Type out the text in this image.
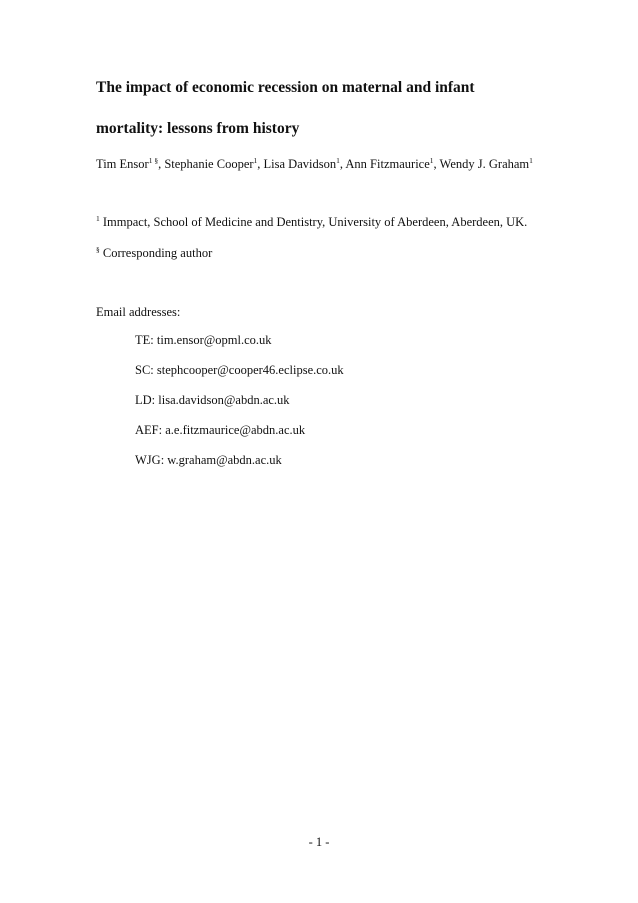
The impact of economic recession on maternal and infant
mortality: lessons from history
Tim Ensor$^{1 \S}$, Stephanie Cooper$^1$, Lisa Davidson$^1$, Ann Fitzmaurice$^1$, Wendy J. Graham$^1$
$^1$ Immpact, School of Medicine and Dentistry, University of Aberdeen, Aberdeen, UK.
§ Corresponding author
Email addresses:
TE: tim.ensor@opml.co.uk
SC: stephcooper@cooper46.eclipse.co.uk
LD: lisa.davidson@abdn.ac.uk
AEF: a.e.fitzmaurice@abdn.ac.uk
WJG: w.graham@abdn.ac.uk
- 1 -
